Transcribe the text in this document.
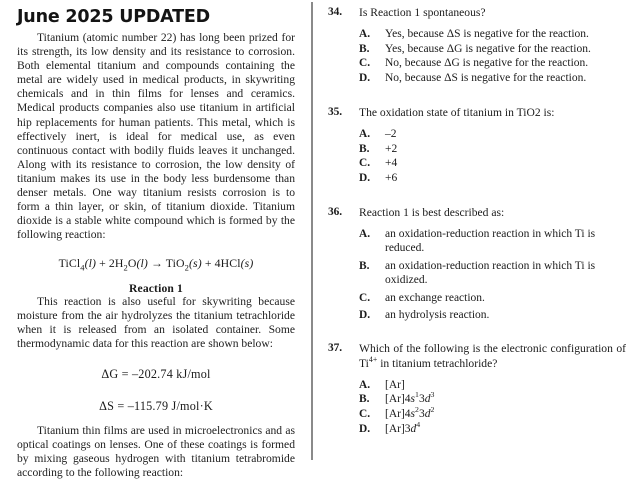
June 2025 UPDATED

Titanium (atomic number 22) has long been prized for its strength, its low density and its resistance to corrosion. Both elemental titanium and compounds containing the metal are widely used in medical products, in skywriting chemicals and in thin films for lenses and ceramics. Medical products companies also use titanium in artificial hip replacements for human patients. This metal, which is effectively inert, is ideal for medical use, as even continuous contact with bodily fluids leaves it unchanged. Along with its resistance to corrosion, the low density of titanium makes its use in the body less burdensome than denser metals. One way titanium resists corrosion is to form a thin layer, or skin, of titanium dioxide. Titanium dioxide is a stable white compound which is formed by the following reaction:

TiCl$_4$(l) + $2H_2O(l) \to TiO_2(s) + 4HCl(s)$
Reaction 1

This reaction is also useful for skywriting because moisture from the air hydrolyzes the titanium tetrachloride when it is released from an isolated container. Some thermodynamic data for this reaction are shown below:

ΔG = –202.74 kJ/mol
ΔS = –115.79 J/mol·K

Titanium thin films are used in microelectronics and as optical coatings on lenses. One of these coatings is formed by mixing gaseous hydrogen with titanium tetrabromide according to the following reaction:

34. Is Reaction 1 spontaneous?
A. Yes, because ΔS is negative for the reaction.
B. Yes, because ΔG is negative for the reaction.
C. No, because ΔG is negative for the reaction.
D. No, because ΔS is negative for the reaction.
35. The oxidation state of titanium in TiO2 is:
A. –2
B. +2
C. +4
D. +6
36. Reaction 1 is best described as:
A. an oxidation-reduction reaction in which Ti is reduced.
B. an oxidation-reduction reaction in which Ti is oxidized.
C. an exchange reaction.
D. an hydrolysis reaction.
37. Which of the following is the electronic configuration of $Ti^{4+}$ in titanium tetrachloride?
A. [Ar]
B. $[Ar]4s^13d^3$
C. $[Ar]4s^23d^2$
D. $[Ar]3d^4$
